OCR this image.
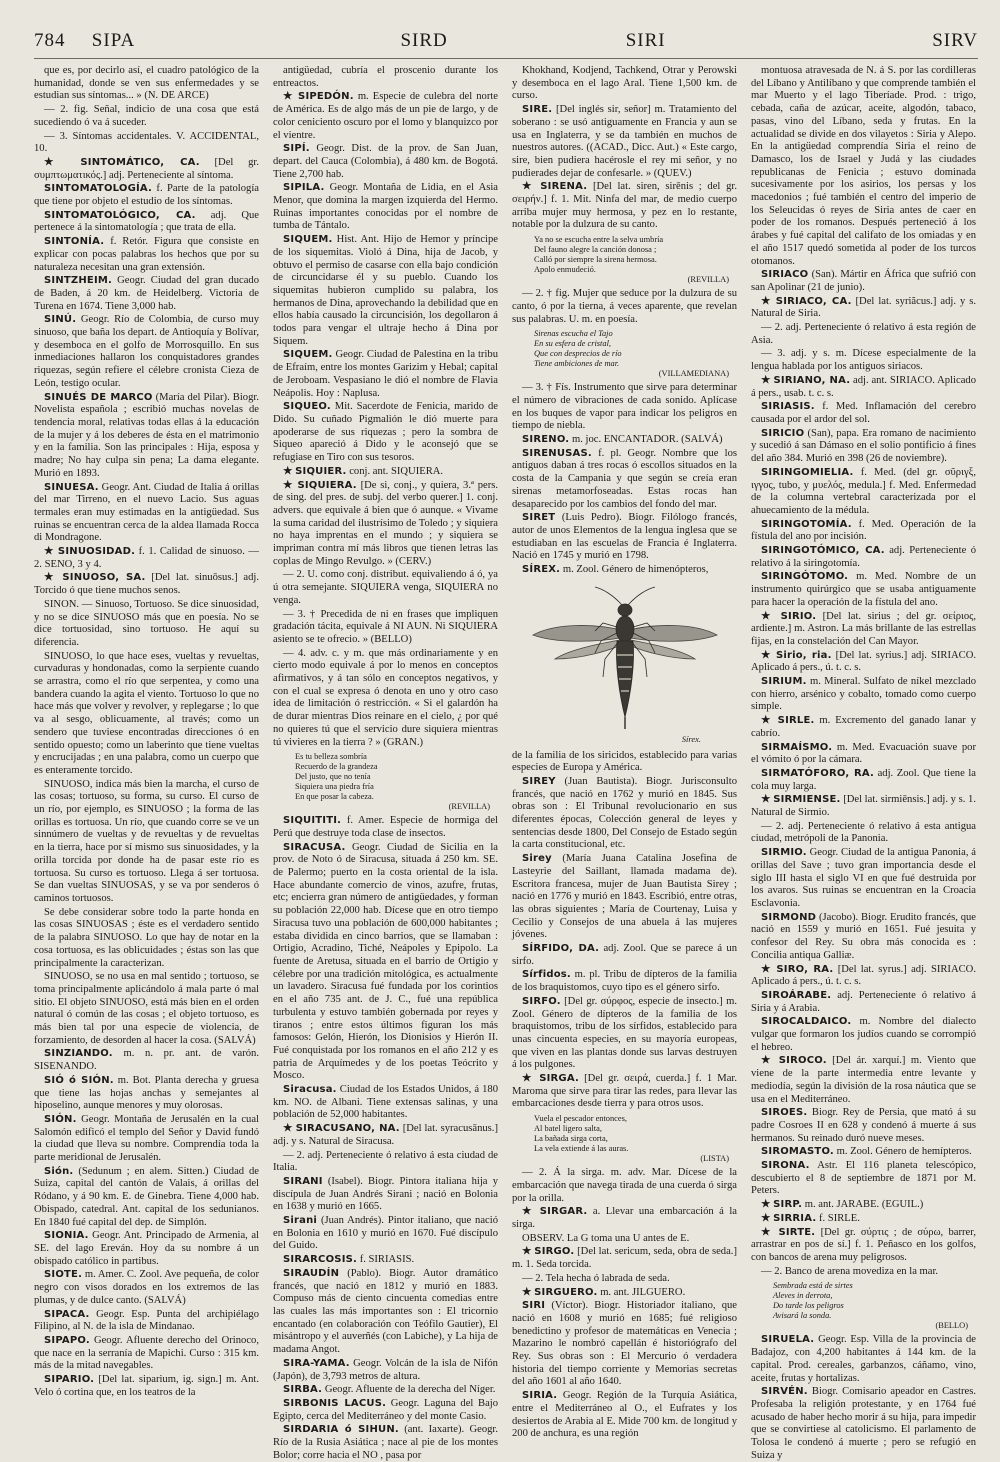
784	SIPA	SIRD	SIRI	SIRV

que es, por decirlo así, el cuadro patológico de la humanidad, donde se ven sus enfermedades y se estudian sus síntomas... » (N. DE ARCE)

— 2. fig. Señal, indicio de una cosa que está sucediendo ó va á suceder.

— 3. Síntomas accidentales. V. ACCIDENTAL, 10.

★ SINTOMÁTICO, CA. [Del gr. συμπτωματικός.] adj. Perteneciente al síntoma.

SINTOMATOLOGÍA. f. Parte de la patología que tiene por objeto el estudio de los síntomas.

SINTOMATOLÓGICO, CA. adj. Que pertenece á la sintomatología ; que trata de ella.

SINTONÍA. f. Retór. Figura que consiste en explicar con pocas palabras los hechos que por su naturaleza necesitan una gran extensión.

SINTZHEIM. Geogr. Ciudad del gran ducado de Baden, á 20 km. de Heidelberg. Victoria de Turena en 1674. Tiene 3,000 hab.

SINÚ. Geogr. Río de Colombia, de curso muy sinuoso, que baña los depart. de Antioquía y Bolívar, y desemboca en el golfo de Morrosquillo. En sus inmediaciones hallaron los conquistadores grandes riquezas, según refiere el célebre cronista Cieza de León, testigo ocular.

SINUÉS DE MARCO (María del Pilar). Biogr. Novelista española ; escribió muchas novelas de tendencia moral, relativas todas ellas á la educación de la mujer y á los deberes de ésta en el matrimonio y en la familia. Son las principales : Hija, esposa y madre; No hay culpa sin pena; La dama elegante. Murió en 1893.

SINUESA. Geogr. Ant. Ciudad de Italia á orillas del mar Tirreno, en el nuevo Lacio. Sus aguas termales eran muy estimadas en la antigüedad. Sus ruinas se encuentran cerca de la aldea llamada Rocca di Mondragone.

★ SINUOSIDAD. f. 1. Calidad de sinuoso. — 2. SENO, 3 y 4.

★ SINUOSO, SA. [Del lat. sinuōsus.] adj. Torcido ó que tiene muchos senos.

SINON. — Sinuoso, Tortuoso. Se dice sinuosidad, y no se dice SINUOSO más que en poesía. No se dice tortuosidad, sino tortuoso. He aquí su diferencia.

SINUOSO, lo que hace eses, vueltas y revueltas, curvaduras y hondonadas, como la serpiente cuando se arrastra, como el río que serpentea, y como una bandera cuando la agita el viento. Tortuoso lo que no hace más que volver y revolver, y replegarse ; lo que va al sesgo, oblicuamente, al través; como un sendero que tuviese encontradas direcciones ó en sentido opuesto; como un laberinto que tiene vueltas y encrucijadas ; en una palabra, como un cuerpo que es enteramente torcido.

SINUOSO, indica más bien la marcha, el curso de las cosas; tortuoso, su forma, su curso. El curso de un río, por ejemplo, es SINUOSO ; la forma de las orillas es tortuosa. Un río, que cuando corre se ve un sinnúmero de vueltas y de revueltas y de revueltas en la tierra, hace por sí mismo sus sinuosidades, y la orilla torcida por donde ha de pasar este río es tortuosa. Su curso es tortuoso. Llega á ser tortuosa. Se dan vueltas SINUOSAS, y se va por senderos ó caminos tortuosos.

Se debe considerar sobre todo la parte honda en las cosas SINUOSAS ; éste es el verdadero sentido de la palabra SINUOSO. Lo que hay de notar en la cosa tortuosa, es las oblicuidades ; éstas son las que principalmente la caracterizan.

SINUOSO, se no usa en mal sentido ; tortuoso, se toma principalmente aplicándolo á mala parte ó mal sitio. El objeto SINUOSO, está más bien en el orden natural ó común de las cosas ; el objeto tortuoso, es más bien tal por una especie de violencia, de forzamiento, de desorden al hacer la cosa. (SALVÁ)

SINZIANDO. m. n. pr. ant. de varón. SISENANDO.

SIÓ ó SIÓN. m. Bot. Planta derecha y gruesa que tiene las hojas anchas y semejantes al hiposelino, aunque menores y muy olorosas.

SIÓN. Geogr. Montaña de Jerusalén en la cual Salomón edificó el templo del Señor y David fundó la ciudad que lleva su nombre. Comprendía toda la parte meridional de Jerusalén.

Sión. (Sedunum ; en alem. Sitten.) Ciudad de Suiza, capital del cantón de Valais, á orillas del Ródano, y á 90 km. E. de Ginebra. Tiene 4,000 hab. Obispado, catedral. Ant. capital de los sedunianos. En 1840 fué capital del dep. de Simplón.

SIONIA. Geogr. Ant. Principado de Armenia, al SE. del lago Ereván. Hoy da su nombre á un obispado católico in partibus.

SIOTE. m. Amer. C. Zool. Ave pequeña, de color negro con visos dorados en los extremos de las plumas, y de dulce canto. (SALVÁ)

SIPACA. Geogr. Esp. Punta del archipiélago Filipino, al N. de la isla de Mindanao.

SIPAPO. Geogr. Afluente derecho del Orinoco, que nace en la serranía de Mapichi. Curso : 315 km. más de la mitad navegables.

SIPARIO. [Del lat. siparium, ig. sign.] m. Ant. Velo ó cortina que, en los teatros de la

antigüedad, cubría el proscenio durante los entreactos.

★ SIPEDÓN. m. Especie de culebra del norte de América. Es de algo más de un pie de largo, y de color ceniciento oscuro por el lomo y blanquizco por el vientre.

SIPÍ. Geogr. Dist. de la prov. de San Juan, depart. del Cauca (Colombia), á 480 km. de Bogotá. Tiene 2,700 hab.

SIPILA. Geogr. Montaña de Lidia, en el Asia Menor, que domina la margen izquierda del Hermo. Ruinas importantes conocidas por el nombre de tumba de Tántalo.

SIQUEM. Hist. Ant. Hijo de Hemor y príncipe de los siquemitas. Violó á Dina, hija de Jacob, y obtuvo el permiso de casarse con ella bajo condición de circuncidarse él y su pueblo. Cuando los siquemitas hubieron cumplido su palabra, los hermanos de Dina, aprovechando la debilidad que en ellos había causado la circuncisión, los degollaron á todos para vengar el ultraje hecho á Dina por Siquem.

SIQUEM. Geogr. Ciudad de Palestina en la tribu de Efraím, entre los montes Garizim y Hebal; capital de Jeroboam. Vespasiano le dió el nombre de Flavia Neápolis. Hoy : Naplusa.

SIQUEO. Mit. Sacerdote de Fenicia, marido de Dido. Su cuñado Pigmalión le dió muerte para apoderarse de sus riquezas ; pero la sombra de Siqueo apareció á Dido y le aconsejó que se refugiase en Tiro con sus tesoros.

★ SIQUIER. conj. ant. SIQUIERA.

★ SIQUIERA. [De si, conj., y quiera, 3.ª pers. de sing. del pres. de subj. del verbo querer.] 1. conj. advers. que equivale á bien que ó aunque. « Vivame la suma caridad del ilustrísimo de Toledo ; y siquiera no haya imprentas en el mundo ; y siquiera se impriman contra mí más libros que tienen letras las coplas de Mingo Revulgo. » (CERV.)

— 2. U. como conj. distribut. equivaliendo á ó, ya ú otra semejante. SIQUIERA venga, SIQUIERA no venga.

— 3. † Precedida de ni en frases que impliquen gradación tácita, equivale á NI AUN. Ni SIQUIERA asiento se te ofrecio. » (BELLO)

— 4. adv. c. y m. que más ordinariamente y en cierto modo equivale á por lo menos en conceptos afirmativos, y á tan sólo en conceptos negativos, y con el cual se expresa ó denota en uno y otro caso idea de limitación ó restricción. « Si el galardón ha de durar mientras Dios reinare en el cielo, ¿ por qué no quieres tú que el servicio dure siquiera mientras tú vivieres en la tierra ? » (GRAN.)

Es tu belleza sombría
Recuerdo de la grandeza
Del justo, que no tenía
Siquiera una piedra fría
En que posar la cabeza.
(REVILLA)

SIQUITITI. f. Amer. Especie de hormiga del Perú que destruye toda clase de insectos.

SIRACUSA. Geogr. Ciudad de Sicilia en la prov. de Noto ó de Siracusa, situada á 250 km. SE. de Palermo; puerto en la costa oriental de la isla. Hace abundante comercio de vinos, azufre, frutas, etc; encierra gran número de antigüedades, y forman su población 22,000 hab. Dícese que en otro tiempo Siracusa tuvo una población de 600,000 habitantes ; estaba dividida en cinco barrios, que se llamaban : Ortigio, Acradino, Tiché, Neápoles y Epipolo. La fuente de Aretusa, situada en el barrio de Ortigio y célebre por una tradición mitológica, es actualmente un lavadero. Siracusa fué fundada por los corintios en el año 735 ant. de J. C., fué una república turbulenta y estuvo también gobernada por reyes y tiranos ; entre estos últimos figuran los más famosos: Gelón, Hierón, los Dionisios y Hierón II. Fué conquistada por los romanos en el año 212 y es patria de Arquímedes y de los poetas Teócrito y Mosco.

Siracusa. Ciudad de los Estados Unidos, á 180 km. NO. de Albani. Tiene extensas salinas, y una población de 52,000 habitantes.

★ SIRACUSANO, NA. [Del lat. syracusānus.] adj. y s. Natural de Siracusa.

— 2. adj. Perteneciente ó relativo á esta ciudad de Italia.

SIRANI (Isabel). Biogr. Pintora italiana hija y discípula de Juan Andrés Sirani ; nació en Bolonia en 1638 y murió en 1665.

Sirani (Juan Andrés). Pintor italiano, que nació en Bolonia en 1610 y murió en 1670. Fué discípulo del Guido.

SIRARCOSIS. f. SIRIASIS.

SIRAUDÍN (Pablo). Biogr. Autor dramático francés, que nació en 1812 y murió en 1883. Compuso más de ciento cincuenta comedias entre las cuales las más importantes son : El tricornio encantado (en colaboración con Teófilo Gautier), El misántropo y el auverñés (con Labiche), y La hija de madama Angot.

SIRA-YAMA. Geogr. Volcán de la isla de Nifón (Japón), de 3,793 metros de altura.

SIRBA. Geogr. Afluente de la derecha del Níger.

SIRBONIS LACUS. Geogr. Laguna del Bajo Egipto, cerca del Mediterráneo y del monte Casio.

SIRDARIA ó SIHUN. (ant. Iaxarte). Geogr. Río de la Rusia Asiática ; nace al pie de los montes Bolor; corre hacia el NO , pasa por

Khokhand, Kodjend, Tachkend, Otrar y Perowski y desemboca en el lago Aral. Tiene 1,500 km. de curso.

SIRE. [Del inglés sir, señor] m. Tratamiento del soberano : se usó antiguamente en Francia y aun se usa en Inglaterra, y se da también en muchos de nuestros autores. ((ACAD., Dicc. Aut.) « Este cargo, sire, bien pudiera hacérosle el rey mi señor, y no pudierades dejar de confesarle. » (QUEV.)

★ SIRENA. [Del lat. siren, sirēnis ; del gr. σειρήν.] f. 1. Mit. Ninfa del mar, de medio cuerpo arriba mujer muy hermosa, y pez en lo restante, notable por la dulzura de su canto.

Ya no se escucha entre la selva umbría
Del fauno alegre la canción donosa ;
Calló por siempre la sirena hermosa.
Apolo enmudeció.
(REVILLA)

— 2. † fig. Mujer que seduce por la dulzura de su canto, ó por la tierna, á veces aparente, que revelan sus palabras. U. m. en poesía.

Sirenas escucha el Tajo
En su esfera de cristal,
Que con desprecios de río
Tiene ambiciones de mar.
(VILLAMEDIANA)

— 3. † Fís. Instrumento que sirve para determinar el número de vibraciones de cada sonido. Aplícase en los buques de vapor para indicar los peligros en tiempo de niebla.

SIRENO. m. joc. ENCANTADOR. (SALVÁ)

SIRENUSAS. f. pl. Geogr. Nombre que los antiguos daban á tres rocas ó escollos situados en la costa de la Campania y que según se creía eran sirenas metamorfoseadas. Estas rocas han desaparecido por los cambios del fondo del mar.

SIRET (Luis Pedro). Biogr. Filólogo francés, autor de unos Elementos de la lengua inglesa que se estudiaban en las escuelas de Francia é Inglaterra. Nació en 1745 y murió en 1798.

SÍREX. m. Zool. Género de himenópteros,

Sírex.

de la familia de los siricidos, establecido para varias especies de Europa y América.

SIREY (Juan Bautista). Biogr. Jurisconsulto francés, que nació en 1762 y murió en 1845. Sus obras son : El Tribunal revolucionario en sus diferentes épocas, Colección general de leyes y sentencias desde 1800, Del Consejo de Estado según la carta constitucional, etc.

Sirey (María Juana Catalina Josefina de Lasteyrie del Saillant, llamada madama de). Escritora francesa, mujer de Juan Bautista Sirey ; nació en 1776 y murió en 1843. Escribió, entre otras, las obras siguientes ; María de Courtenay, Luisa y Cecilio y Consejos de una abuela á las mujeres jóvenes.

SÍRFIDO, DA. adj. Zool. Que se parece á un sirfo.

Sírfidos. m. pl. Tribu de dípteros de la familia de los braquistomos, cuyo tipo es el género sirfo.

SIRFO. [Del gr. σύρφος, especie de insecto.] m. Zool. Género de dípteros de la familia de los braquistomos, tribu de los sírfidos, establecido para unas cincuenta especies, en su mayoría europeas, que viven en las plantas donde sus larvas destruyen á los pulgones.

★ SIRGA. [Del gr. σειρά, cuerda.] f. 1 Mar. Maroma que sirve para tirar las redes, para llevar las embarcaciones desde tierra y para otros usos.

Vuela el pescador entonces,
Al batel ligero salta,
La bañada sirga corta,
La vela extiende á las auras.
(LISTA)

— 2. Á la sirga. m. adv. Mar. Dícese de la embarcación que navega tirada de una cuerda ó sirga por la orilla.

★ SIRGAR. a. Llevar una embarcación á la sirga.

OBSERV. La G toma una U antes de E.

★ SIRGO. [Del lat. sericum, seda, obra de seda.] m. 1. Seda torcida.

— 2. Tela hecha ó labrada de seda.

★ SIRGUERO. m. ant. JILGUERO.

SIRI (Víctor). Biogr. Historiador italiano, que nació en 1608 y murió en 1685; fué religioso benedictino y profesor de matemáticas en Venecia ; Mazarino le nombró capellán é historiógrafo del Rey. Sus obras son : El Mercurio ó verdadera historia del tiempo corriente y Memorias secretas del año 1601 al año 1640.

SIRIA. Geogr. Región de la Turquía Asiática, entre el Mediterráneo al O., el Eufrates y los desiertos de Arabia al E. Mide 700 km. de longitud y 200 de anchura, es una región

montuosa atravesada de N. á S. por las cordilleras del Líbano y Antilíbano y que comprende también el mar Muerto y el lago Tiberíade. Prod. : trigo, cebada, caña de azúcar, aceite, algodón, tabaco, pasas, vino del Líbano, seda y frutas. En la actualidad se divide en dos vilayetos : Siria y Alepo. En la antigüedad comprendía Siria el reino de Damasco, los de Israel y Judá y las ciudades republicanas de Fenicia ; estuvo dominada sucesivamente por los asirios, los persas y los macedonios ; fué también el centro del imperio de los Seleucidas ó reyes de Siria antes de caer en poder de los romanos. Después perteneció á los árabes y fué capital del califato de los omiadas y en el año 1517 quedó sometida al poder de los turcos otomanos.

SIRIACO (San). Mártir en África que sufrió con san Apolinar (21 de junio).

★ SIRIACO, CA. [Del lat. syriăcus.] adj. y s. Natural de Siria.

— 2. adj. Perteneciente ó relativo á esta región de Asia.

— 3. adj. y s. m. Dícese especialmente de la lengua hablada por los antiguos siriacos.

★ SIRIANO, NA. adj. ant. SIRIACO. Aplicado á pers., usab. t. c. s.

SIRIASIS. f. Med. Inflamación del cerebro causada por el ardor del sol.

SIRICIO (San), papa. Era romano de nacimiento y sucedió á san Dámaso en el solio pontificio á fines del año 384. Murió en 398 (26 de noviembre).

SIRINGOMIELIA. f. Med. (del gr. σῦριγξ, ιγγος, tubo, y μυελός, medula.] f. Med. Enfermedad de la columna vertebral caracterizada por el ahuecamiento de la médula.

SIRINGOTOMÍA. f. Med. Operación de la fístula del ano por incisión.

SIRINGOTÓMICO, CA. adj. Perteneciente ó relativo á la siringotomía.

SIRINGÓTOMO. m. Med. Nombre de un instrumento quirúrgico que se usaba antiguamente para hacer la operación de la fístula del ano.

★ SIRIO. [Del lat. sirius ; del gr. σείριος, ardiente.] m. Astron. La más brillante de las estrellas fijas, en la constelación del Can Mayor.

★ Sirio, ria. [Del lat. syrius.] adj. SIRIACO. Aplicado á pers., ú. t. c. s.

SIRIUM. m. Mineral. Sulfato de níkel mezclado con hierro, arsénico y cobalto, tomado como cuerpo simple.

★ SIRLE. m. Excremento del ganado lanar y cabrío.

SIRMAÍSMO. m. Med. Evacuación suave por el vómito ó por la cámara.

SIRMATÓFORO, RA. adj. Zool. Que tiene la cola muy larga.

★ SIRMIENSE. [Del lat. sirmiēnsis.] adj. y s. 1. Natural de Sirmio.

— 2. adj. Perteneciente ó relativo á esta antigua ciudad, metrópoli de la Panonia.

SIRMIO. Geogr. Ciudad de la antigua Panonia, á orillas del Save ; tuvo gran importancia desde el siglo III hasta el siglo VI en que fué destruida por los avaros. Sus ruinas se encuentran en la Croacia Esclavonia.

SIRMOND (Jacobo). Biogr. Erudito francés, que nació en 1559 y murió en 1651. Fué jesuita y confesor del Rey. Su obra más conocida es : Concilia antiqua Galliæ.

★ SIRO, RA. [Del lat. syrus.] adj. SIRIACO. Aplicado á pers., ú. t. c. s.

SIROÁRABE. adj. Perteneciente ó relativo á Siria y á Arabia.

SIROCALDAICO. m. Nombre del dialecto vulgar que formaron los judíos cuando se corrompió el hebreo.

★ SIROCO. [Del ár. xarquí.] m. Viento que viene de la parte intermedia entre levante y mediodía, según la división de la rosa náutica que se usa en el Mediterráneo.

SIROES. Biogr. Rey de Persia, que mató á su padre Cosroes II en 628 y condenó á muerte á sus hermanos. Su reinado duró nueve meses.

SIROMASTO. m. Zool. Género de hemípteros.

SIRONA. Astr. El 116 planeta telescópico, descubierto el 8 de septiembre de 1871 por M. Peters.

★ SIRP. m. ant. JARABE. (EGUIL.)

★ SIRRIA. f. SIRLE.

★ SIRTE. [Del gr. σύρτις ; de σύρω, barrer, arrastrar en pos de sí.] f. 1. Peñasco en los golfos, con bancos de arena muy peligrosos.

— 2. Banco de arena movediza en la mar.

Sembrada está de sirtes
Aleves in derrota,
Do tarde los peligros
Avisará la sonda.
(BELLO)

SIRUELA. Geogr. Esp. Villa de la provincia de Badajoz, con 4,200 habitantes á 144 km. de la capital. Prod. cereales, garbanzos, cáñamo, vino, aceite, frutas y hortalizas.

SIRVÉN. Biogr. Comisario apeador en Castres. Profesaba la religión protestante, y en 1764 fué acusado de haber hecho morir á su hija, para impedir que se convirtiese al catolicismo. El parlamento de Tolosa le condenó á muerte ; pero se refugió en Suiza y
